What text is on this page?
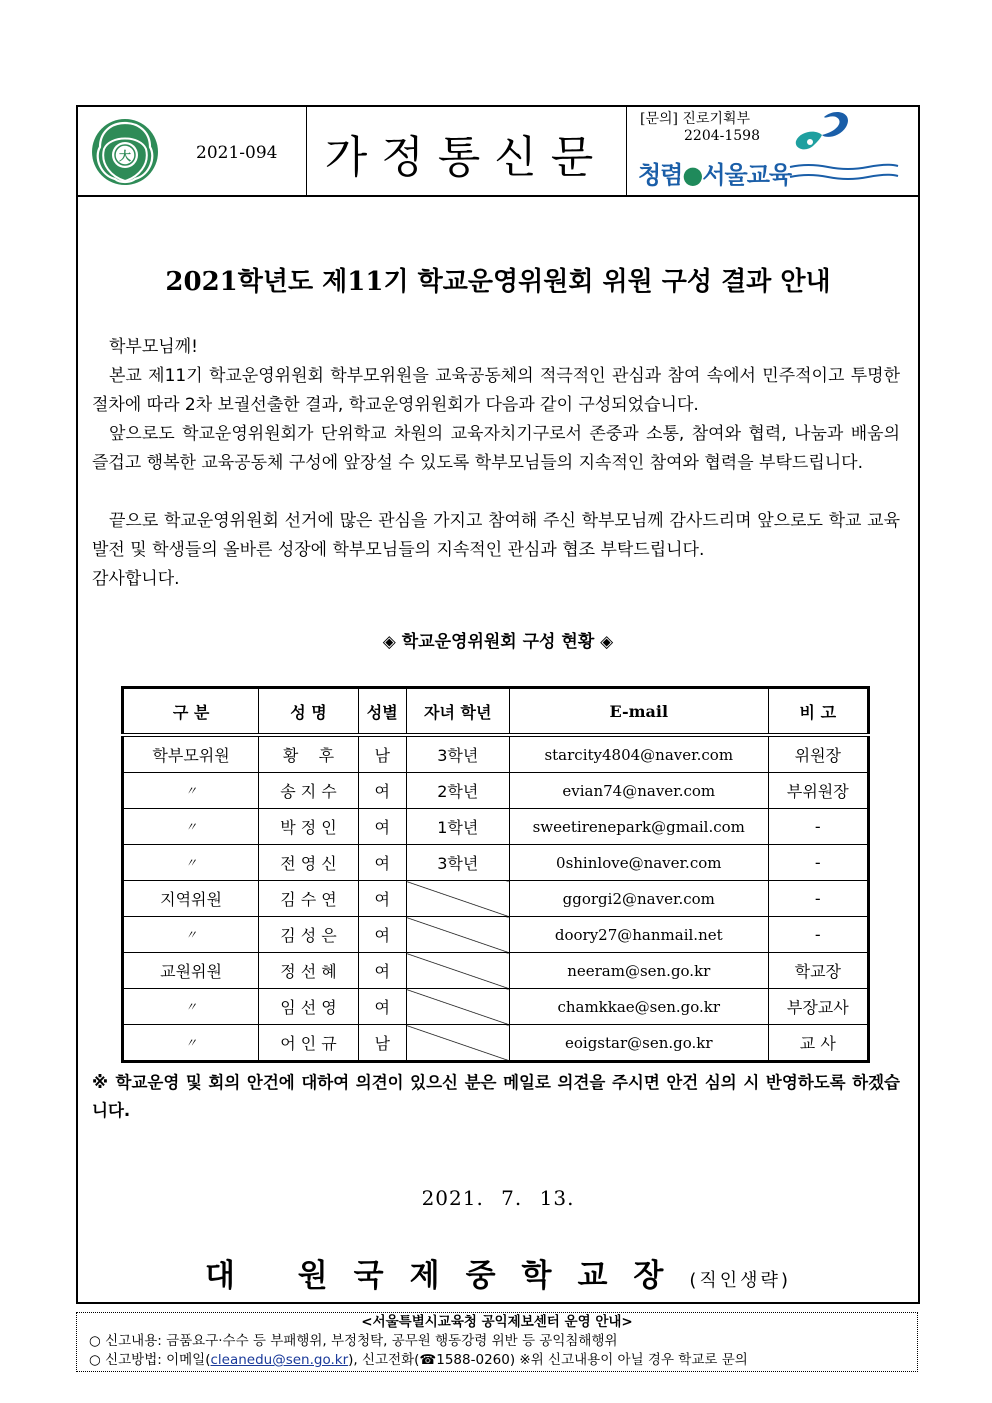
大	2021-094	가정통신문
[문의] 진로기획부
2204-1598
청렴●서울교육
2021학년도 제11기 학교운영위원회 위원 구성 결과 안내
학부모님께!
본교 제11기 학교운영위원회 학부모위원을 교육공동체의 적극적인 관심과 참여 속에서 민주적이고 투명한 절차에 따라 2차 보궐선출한 결과, 학교운영위원회가 다음과 같이 구성되었습니다.
앞으로도 학교운영위원회가 단위학교 차원의 교육자치기구로서 존중과 소통, 참여와 협력, 나눔과 배움의 즐겁고 행복한 교육공동체 구성에 앞장설 수 있도록 학부모님들의 지속적인 참여와 협력을 부탁드립니다.
끝으로 학교운영위원회 선거에 많은 관심을 가지고 참여해 주신 학부모님께 감사드리며 앞으로도 학교 교육발전 및 학생들의 올바른 성장에 학부모님들의 지속적인 관심과 협조 부탁드립니다.
감사합니다.
◈ 학교운영위원회 구성 현황 ◈
구 분	성 명	성별	자녀 학년	E-mail	비 고
학부모위원	황    후	남	3학년	starcity4804@naver.com	위원장
〃	송 지 수	여	2학년	evian74@naver.com	부위원장
〃	박 정 인	여	1학년	sweetirenepark@gmail.com	-
〃	전 영 신	여	3학년	0shinlove@naver.com	-
지역위원	김 수 연	여		ggorgi2@naver.com	-
〃	김 성 은	여		doory27@hanmail.net	-
교원위원	정 선 혜	여		neeram@sen.go.kr	학교장
〃	임 선 영	여		chamkkae@sen.go.kr	부장교사
〃	어 인 규	남		eoigstar@sen.go.kr	교 사
※ 학교운영 및 회의 안건에 대하여 의견이 있으신 분은 메일로 의견을 주시면 안건 심의 시 반영하도록 하겠습니다.
2021. 7. 13.
대 원국제중학교장(직인생략)
<서울특별시교육청 공익제보센터 운영 안내>
○ 신고내용: 금품요구·수수 등 부패행위, 부정청탁, 공무원 행동강령 위반 등 공익침해행위
○ 신고방법: 이메일(cleanedu@sen.go.kr), 신고전화(☎1588-0260) ※위 신고내용이 아닐 경우 학교로 문의
